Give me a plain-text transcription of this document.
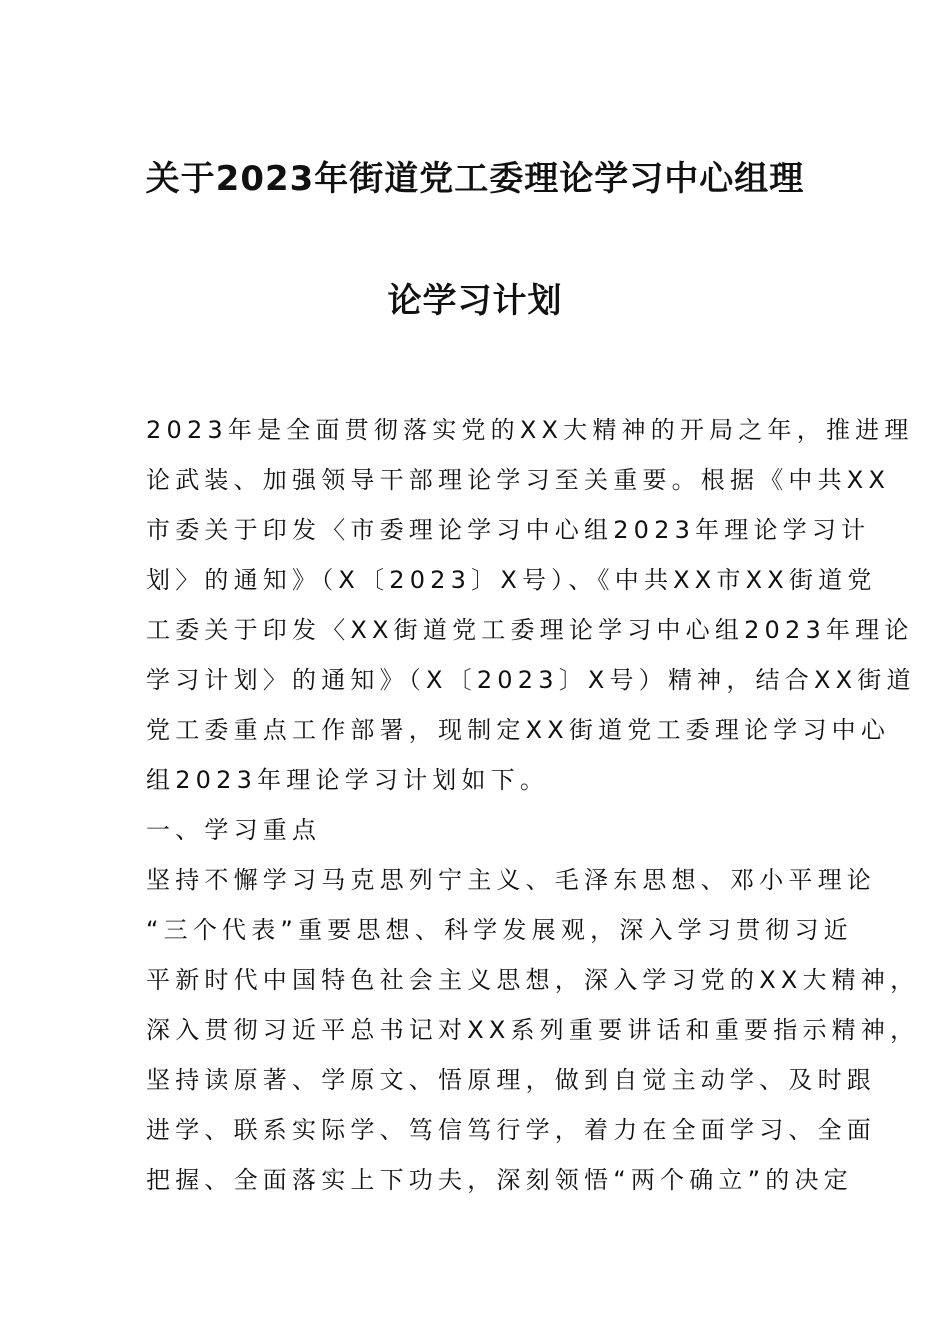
关于2023年街道党工委理论学习中心组理
论学习计划
2023年是全面贯彻落实党的XX大精神的开局之年，推进理
论武装、加强领导干部理论学习至关重要。根据《中共XX
市委关于印发〈市委理论学习中心组2023年理论学习计
划〉的通知》（X〔2023〕X号）、《中共XX市XX街道党
工委关于印发〈XX街道党工委理论学习中心组2023年理论
学习计划〉的通知》（X〔2023〕X号）精神，结合XX街道
党工委重点工作部署，现制定XX街道党工委理论学习中心
组2023年理论学习计划如下。
一、学习重点
坚持不懈学习马克思列宁主义、毛泽东思想、邓小平理论
“三个代表”重要思想、科学发展观，深入学习贯彻习近
平新时代中国特色社会主义思想，深入学习党的XX大精神，
深入贯彻习近平总书记对XX系列重要讲话和重要指示精神，
坚持读原著、学原文、悟原理，做到自觉主动学、及时跟
进学、联系实际学、笃信笃行学，着力在全面学习、全面
把握、全面落实上下功夫，深刻领悟“两个确立”的决定
